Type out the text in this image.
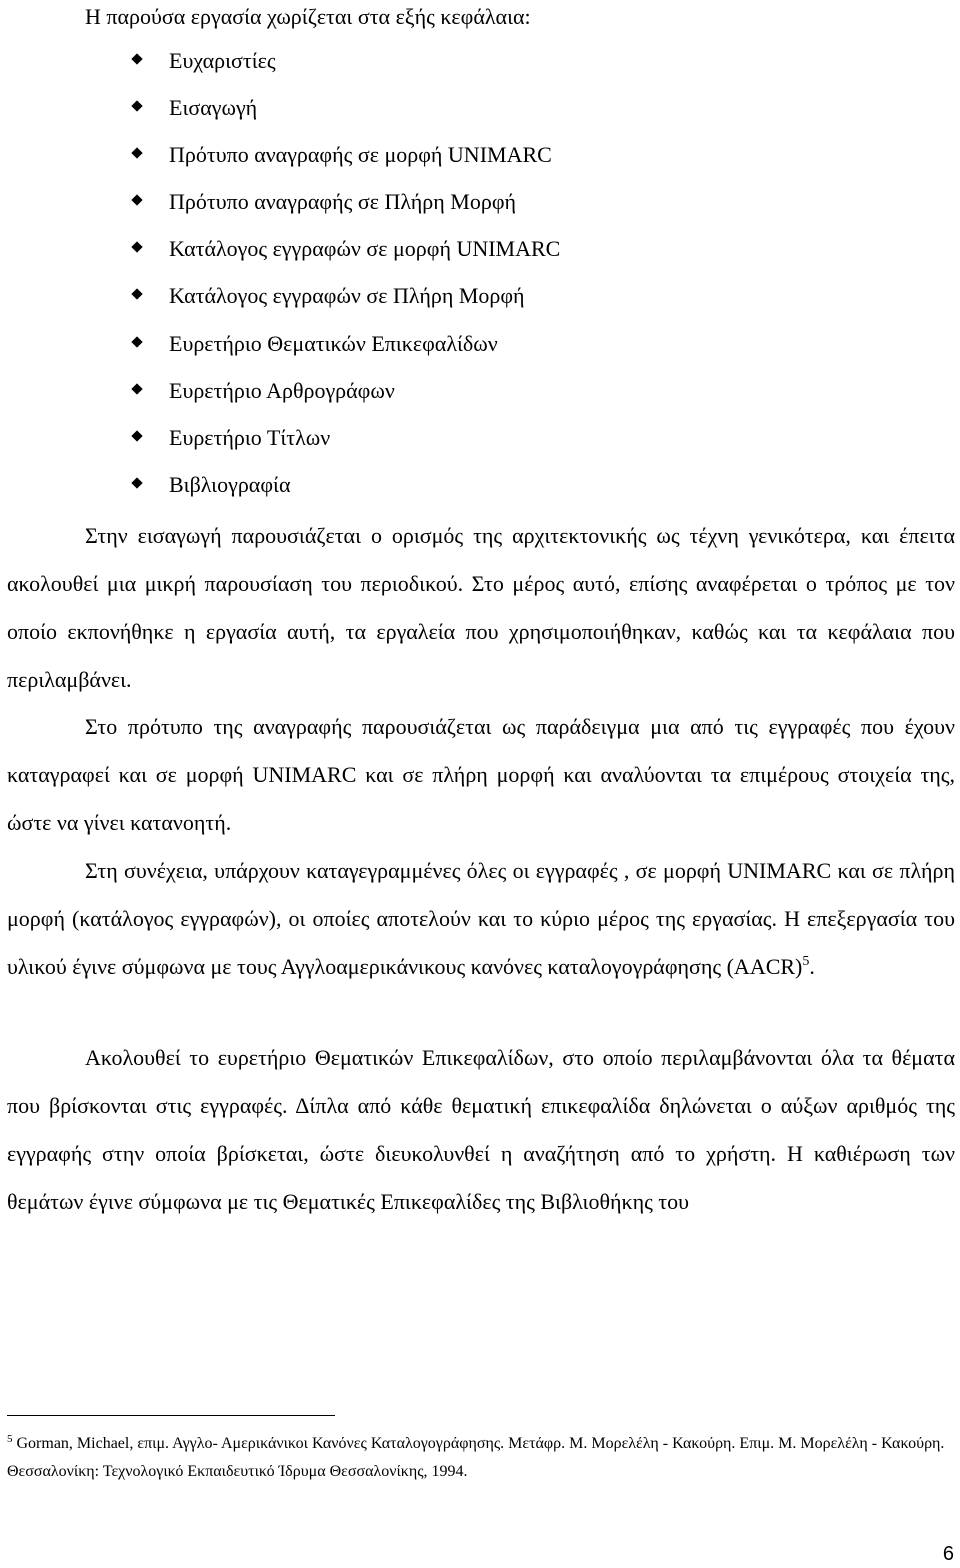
Η παρούσα εργασία χωρίζεται στα εξής κεφάλαια:
Ευχαριστίες
Εισαγωγή
Πρότυπο αναγραφής σε μορφή UNIMARC
Πρότυπο αναγραφής σε Πλήρη Μορφή
Κατάλογος εγγραφών σε μορφή UNIMARC
Κατάλογος εγγραφών σε Πλήρη Μορφή
Ευρετήριο Θεματικών Επικεφαλίδων
Ευρετήριο Αρθρογράφων
Ευρετήριο Τίτλων
Βιβλιογραφία

Στην εισαγωγή παρουσιάζεται ο ορισμός της αρχιτεκτονικής ως τέχνη γενικότερα, και έπειτα ακολουθεί μια μικρή παρουσίαση του περιοδικού. Στο μέρος αυτό, επίσης αναφέρεται ο τρόπος με τον οποίο εκπονήθηκε η εργασία αυτή, τα εργαλεία που χρησιμοποιήθηκαν, καθώς και τα κεφάλαια που περιλαμβάνει.

Στο πρότυπο της αναγραφής παρουσιάζεται ως παράδειγμα μια από τις εγγραφές που έχουν καταγραφεί και σε μορφή UNIMARC και σε πλήρη μορφή και αναλύονται τα επιμέρους στοιχεία της, ώστε να γίνει κατανοητή.

Στη συνέχεια, υπάρχουν καταγεγραμμένες όλες οι εγγραφές , σε μορφή UNIMARC και σε πλήρη μορφή (κατάλογος εγγραφών), οι οποίες αποτελούν και το κύριο μέρος της εργασίας. Η επεξεργασία του υλικού έγινε σύμφωνα με τους Αγγλοαμερικάνικους κανόνες καταλογογράφησης (AACR)$^5$.

Ακολουθεί το ευρετήριο Θεματικών Επικεφαλίδων, στο οποίο περιλαμβάνονται όλα τα θέματα που βρίσκονται στις εγγραφές. Δίπλα από κάθε θεματική επικεφαλίδα δηλώνεται ο αύξων αριθμός της εγγραφής στην οποία βρίσκεται, ώστε διευκολυνθεί η αναζήτηση από το χρήστη. Η καθιέρωση των θεμάτων έγινε σύμφωνα με τις Θεματικές Επικεφαλίδες της Βιβλιοθήκης του

$^5$ Gorman, Michael, επιμ. Αγγλο- Αμερικάνικοι Κανόνες Καταλογογράφησης. Μετάφρ. Μ. Μορελέλη - Κακούρη. Επιμ. Μ. Μορελέλη - Κακούρη. Θεσσαλονίκη: Τεχνολογικό Εκπαιδευτικό Ίδρυμα Θεσσαλονίκης, 1994.

6
